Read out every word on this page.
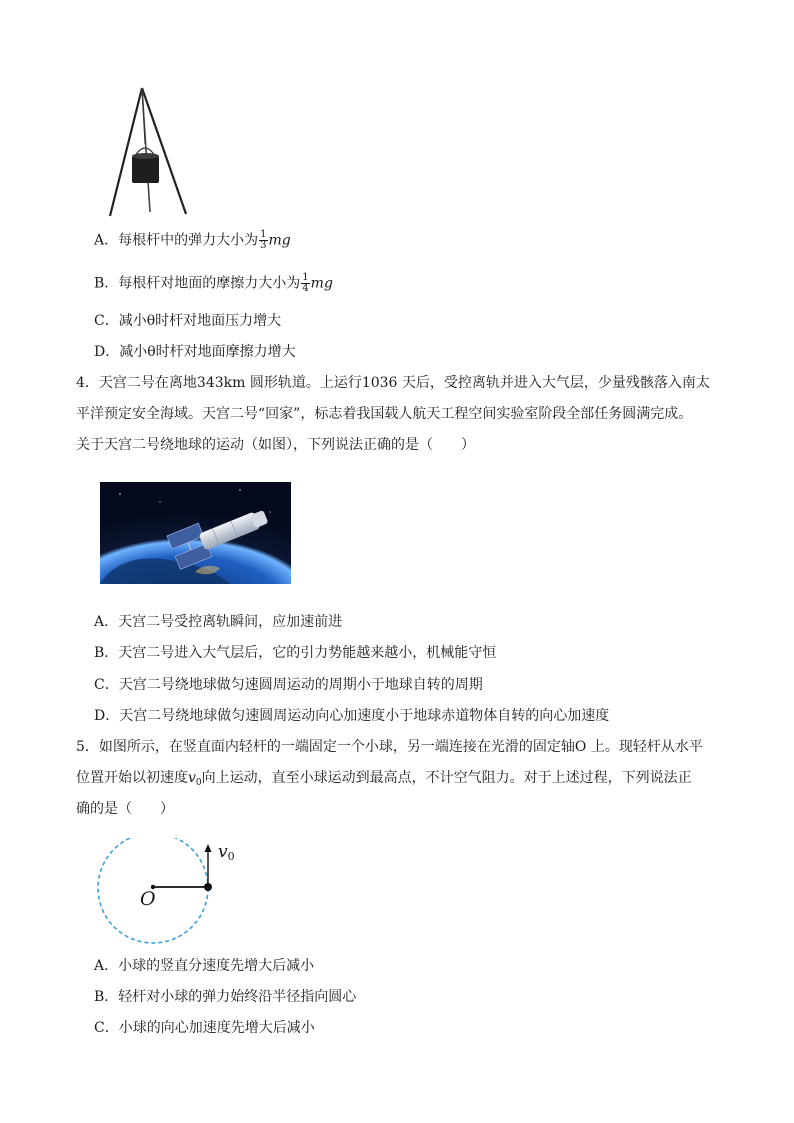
A．每根杆中的弹力大小为 $\frac{1}{3}$ mg
B．每根杆对地面的摩擦力大小为 $\frac{1}{4}$ mg
C．减小θ时杆对地面压力增大
D．减小θ时杆对地面摩擦力增大
4．天宫二号在离地343km 圆形轨道。上运行1036 天后，受控离轨并进入大气层，少量残骸落入南太
平洋预定安全海域。天宫二号“回家”，标志着我国载人航天工程空间实验室阶段全部任务圆满完成。
关于天宫二号绕地球的运动（如图），下列说法正确的是（　　）
A．天宫二号受控离轨瞬间，应加速前进
B．天宫二号进入大气层后，它的引力势能越来越小，机械能守恒
C．天宫二号绕地球做匀速圆周运动的周期小于地球自转的周期
D．天宫二号绕地球做匀速圆周运动向心加速度小于地球赤道物体自转的向心加速度
5．如图所示，在竖直面内轻杆的一端固定一个小球，另一端连接在光滑的固定轴O 上。现轻杆从水平
位置开始以初速度$v_0$向上运动，直至小球运动到最高点，不计空气阻力。对于上述过程，下列说法正
确的是（　　）
$v_0$
O
A．小球的竖直分速度先增大后减小
B．轻杆对小球的弹力始终沿半径指向圆心
C．小球的向心加速度先增大后减小
